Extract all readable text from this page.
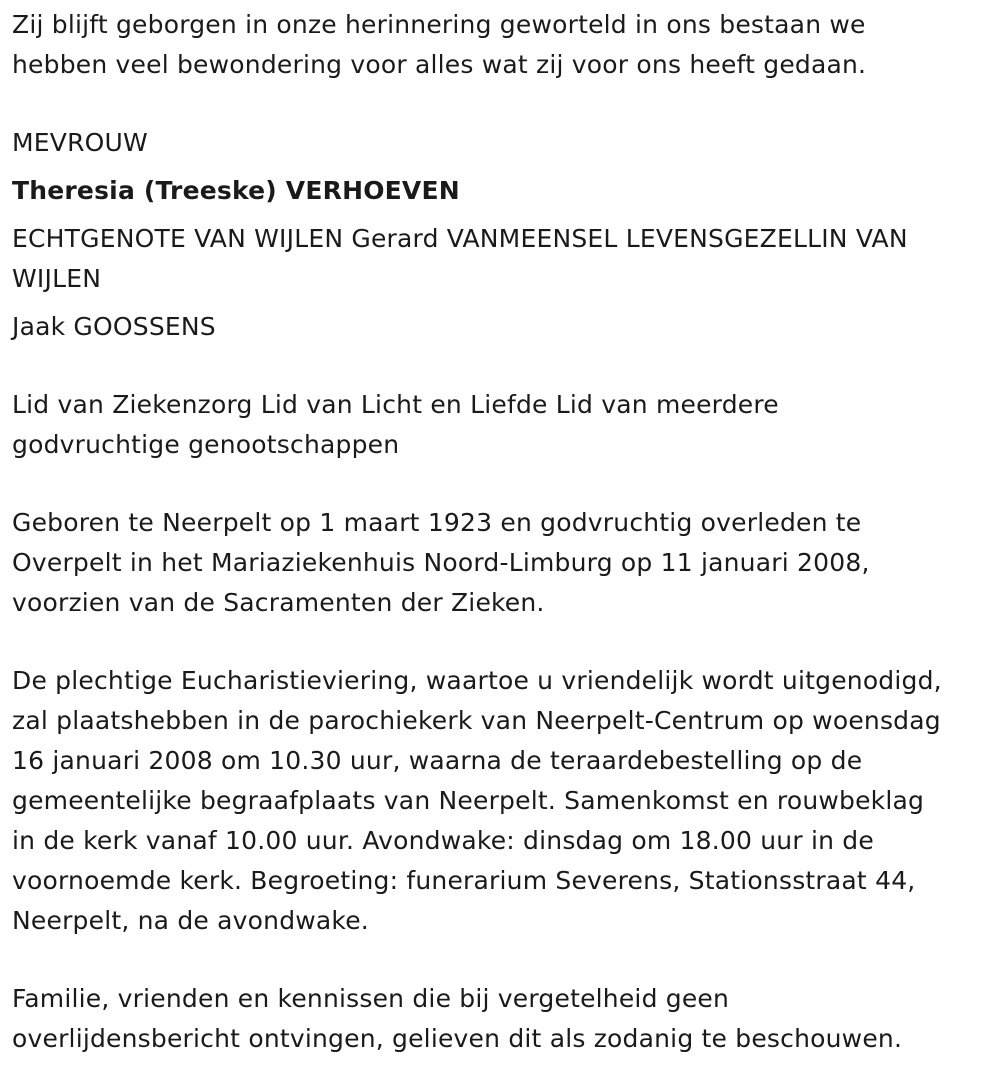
Zij blijft geborgen in onze herinnering geworteld in ons bestaan we
hebben veel bewondering voor alles wat zij voor ons heeft gedaan.
MEVROUW
Theresia (Treeske) VERHOEVEN
ECHTGENOTE VAN WIJLEN Gerard VANMEENSEL LEVENSGEZELLIN VAN
WIJLEN
Jaak GOOSSENS
Lid van Ziekenzorg Lid van Licht en Liefde Lid van meerdere
godvruchtige genootschappen
Geboren te Neerpelt op 1 maart 1923 en godvruchtig overleden te
Overpelt in het Mariaziekenhuis Noord-Limburg op 11 januari 2008,
voorzien van de Sacramenten der Zieken.
De plechtige Eucharistieviering, waartoe u vriendelijk wordt uitgenodigd,
zal plaatshebben in de parochiekerk van Neerpelt-Centrum op woensdag
16 januari 2008 om 10.30 uur, waarna de teraardebestelling op de
gemeentelijke begraafplaats van Neerpelt. Samenkomst en rouwbeklag
in de kerk vanaf 10.00 uur. Avondwake: dinsdag om 18.00 uur in de
voornoemde kerk. Begroeting: funerarium Severens, Stationsstraat 44,
Neerpelt, na de avondwake.
Familie, vrienden en kennissen die bij vergetelheid geen
overlijdensbericht ontvingen, gelieven dit als zodanig te beschouwen.
